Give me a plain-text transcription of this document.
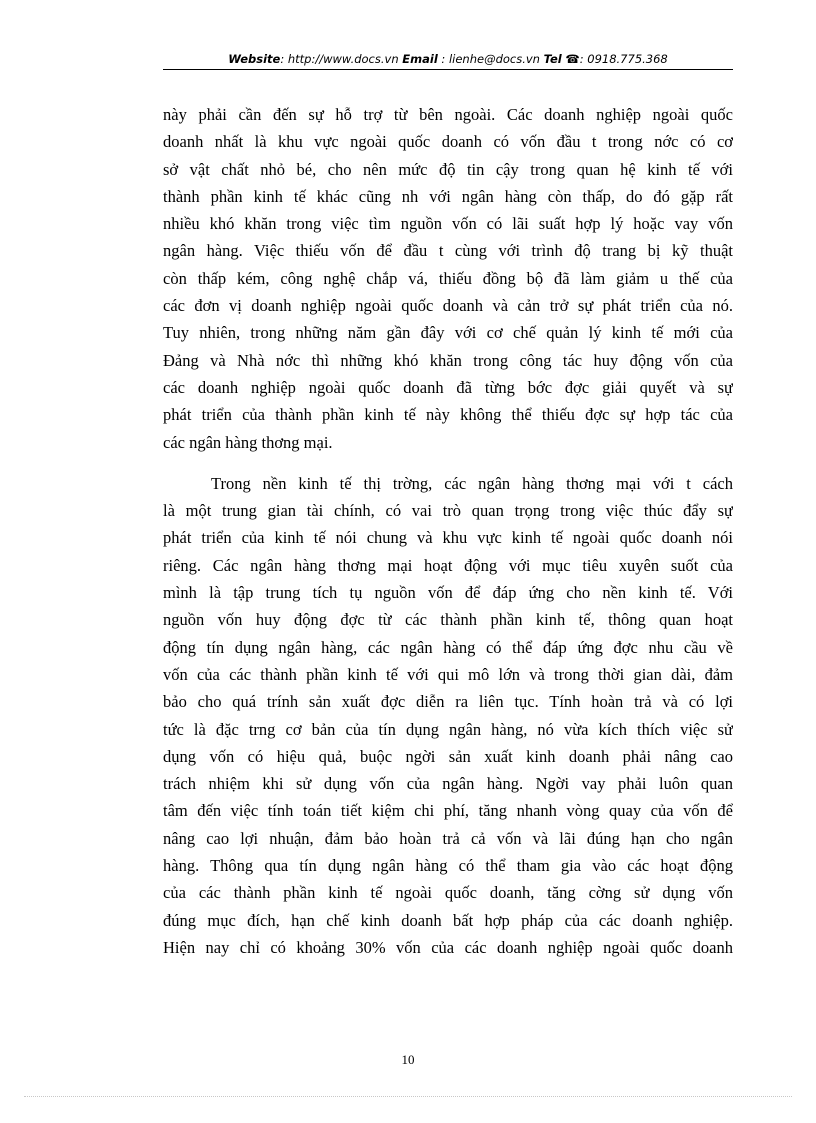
Website: http://www.docs.vn Email : lienhe@docs.vn Tel ☎: 0918.775.368
này phải cần đến sự hỗ trợ từ bên ngoài. Các doanh nghiệp ngoài quốc
doanh nhất là khu vực ngoài quốc doanh có vốn đầu t trong nớc có cơ
sở vật chất nhỏ bé, cho nên mức độ tin cậy trong quan hệ kinh tế với
thành phần kinh tế khác cũng nh với ngân hàng còn thấp, do đó gặp rất
nhiều khó khăn trong việc tìm nguồn vốn có lãi suất hợp lý hoặc vay vốn
ngân hàng. Việc thiếu vốn để đầu t cùng với trình độ trang bị kỹ thuật
còn thấp kém, công nghệ chắp vá, thiếu đồng bộ đã làm giảm u thế của
các đơn vị doanh nghiệp ngoài quốc doanh và cản trở sự phát triển của nó.
Tuy nhiên, trong những năm gần đây với cơ chế quản lý kinh tế mới của
Đảng và Nhà nớc thì những khó khăn trong công tác huy động vốn của
các doanh nghiệp ngoài quốc doanh đã từng bớc đợc giải quyết và sự
phát triển của thành phần kinh tế này không thể thiếu đợc sự hợp tác của
các ngân hàng thơng mại.
Trong nền kinh tế thị trờng, các ngân hàng thơng mại với t cách
là một trung gian tài chính, có vai trò quan trọng trong việc thúc đẩy sự
phát triển của kinh tế nói chung và khu vực kinh tế ngoài quốc doanh nói
riêng. Các ngân hàng thơng mại hoạt động với mục tiêu xuyên suốt của
mình là tập trung tích tụ nguồn vốn để đáp ứng cho nền kinh tế. Với
nguồn vốn huy động đợc từ các thành phần kinh tế, thông quan hoạt
động tín dụng ngân hàng, các ngân hàng có thể đáp ứng đợc nhu cầu về
vốn của các thành phần kinh tế với qui mô lớn và trong thời gian dài, đảm
bảo cho quá trính sản xuất đợc diễn ra liên tục. Tính hoàn trả và có lợi
tức là đặc trng cơ bản của tín dụng ngân hàng, nó vừa kích thích việc sử
dụng vốn có hiệu quả, buộc ngời sản xuất kinh doanh phải nâng cao
trách nhiệm khi sử dụng vốn của ngân hàng. Ngời vay phải luôn quan
tâm đến việc tính toán tiết kiệm chi phí, tăng nhanh vòng quay của vốn để
nâng cao lợi nhuận, đảm bảo hoàn trả cả vốn và lãi đúng hạn cho ngân
hàng. Thông qua tín dụng ngân hàng có thể tham gia vào các hoạt động
của các thành phần kinh tế ngoài quốc doanh, tăng cờng sử dụng vốn
đúng mục đích, hạn chế kinh doanh bất hợp pháp của các doanh nghiệp.
Hiện nay chỉ có khoảng 30% vốn của các doanh nghiệp ngoài quốc doanh
10
